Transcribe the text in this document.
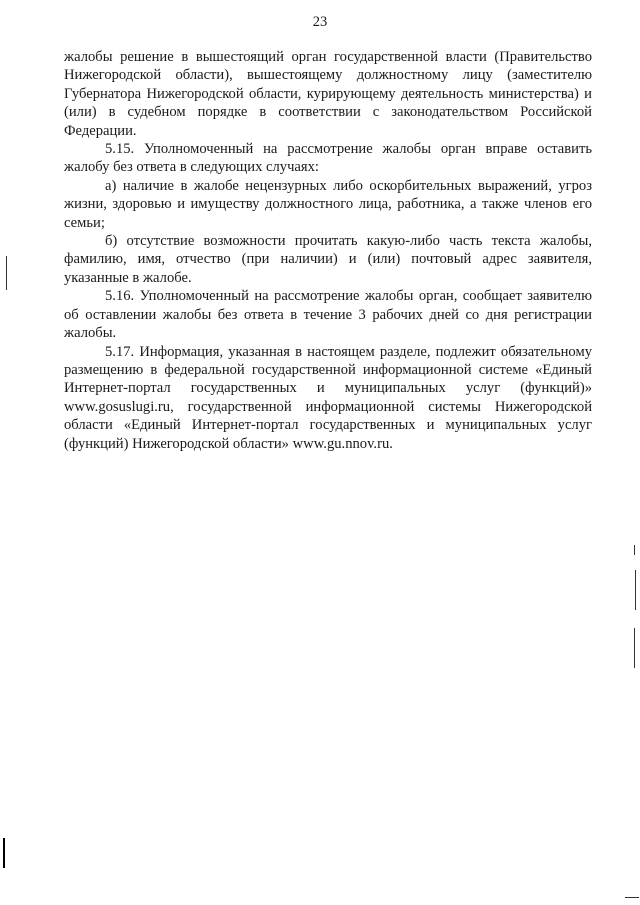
23

жалобы решение в вышестоящий орган государственной власти (Правительство Нижегородской области), вышестоящему должностному лицу (заместителю Губернатора Нижегородской области, курирующему деятельность министерства) и (или) в судебном порядке в соответствии с законодательством Российской Федерации.

5.15. Уполномоченный на рассмотрение жалобы орган вправе оставить жалобу без ответа в следующих случаях:

а) наличие в жалобе нецензурных либо оскорбительных выражений, угроз жизни, здоровью и имуществу должностного лица, работника, а также членов его семьи;

б) отсутствие возможности прочитать какую-либо часть текста жалобы, фамилию, имя, отчество (при наличии) и (или) почтовый адрес заявителя, указанные в жалобе.

5.16. Уполномоченный на рассмотрение жалобы орган, сообщает заявителю об оставлении жалобы без ответа в течение 3 рабочих дней со дня регистрации жалобы.

5.17. Информация, указанная в настоящем разделе, подлежит обязательному размещению в федеральной государственной информационной системе «Единый Интернет-портал государственных и муниципальных услуг (функций)» www.gosuslugi.ru, государственной информационной системы Нижегородской области «Единый Интернет-портал государственных и муниципальных услуг (функций) Нижегородской области» www.gu.nnov.ru.
